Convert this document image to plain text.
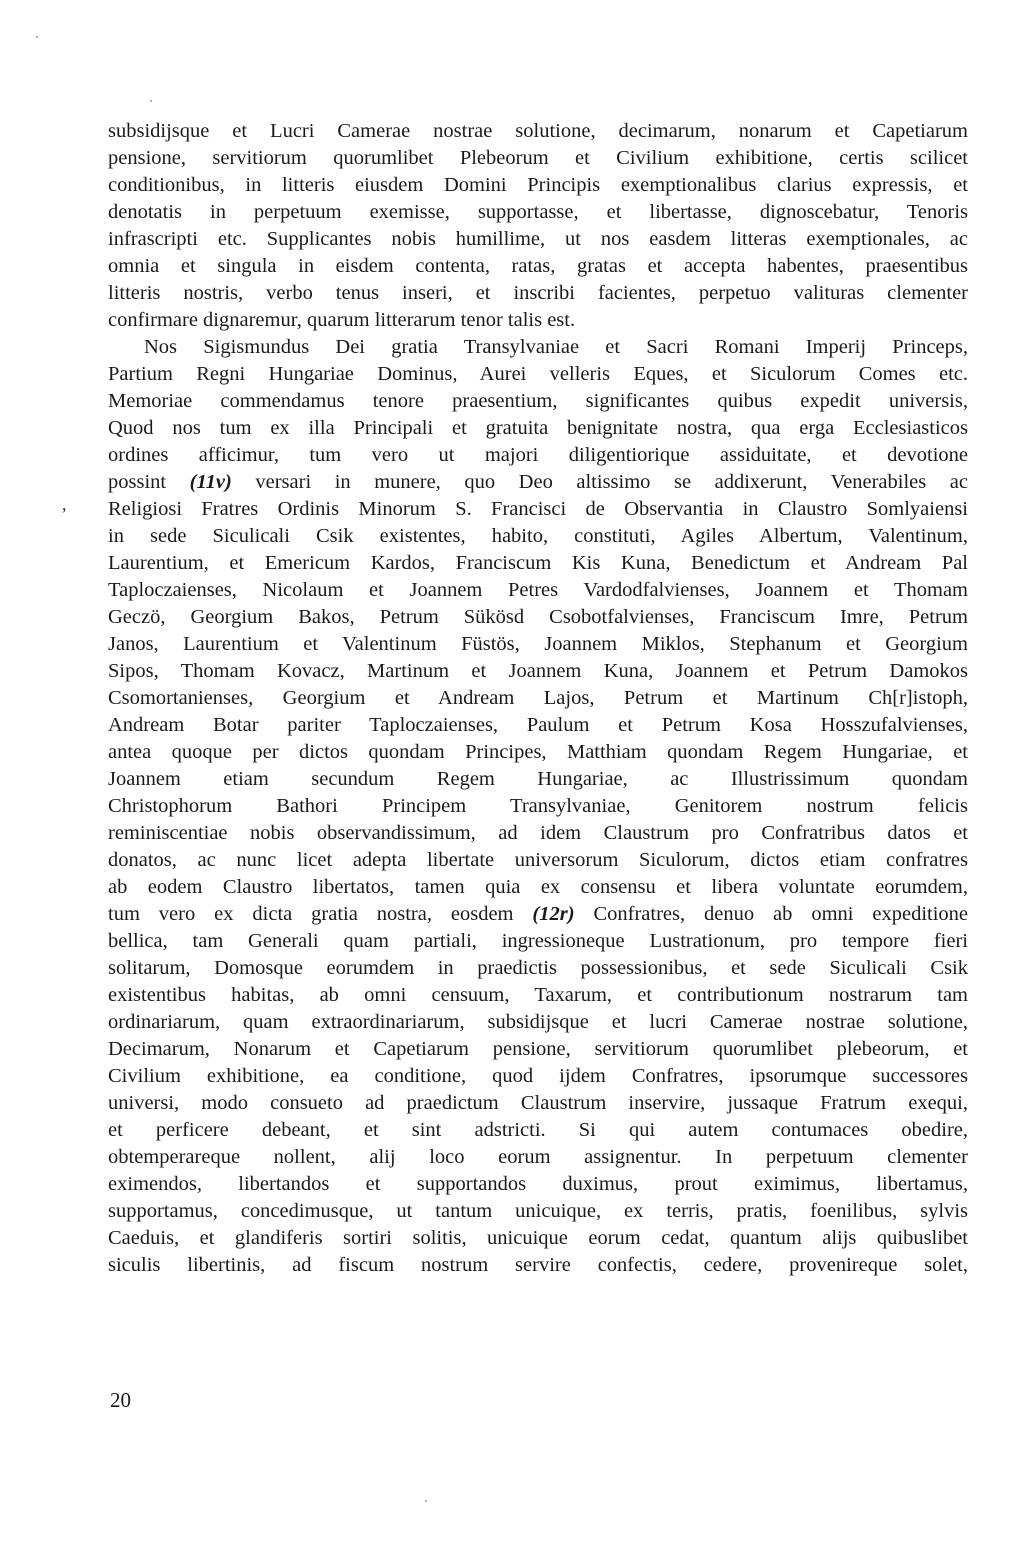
subsidijsque et Lucri Camerae nostrae solutione, decimarum, nonarum et Capetiarum
pensione, servitiorum quorumlibet Plebeorum et Civilium exhibitione, certis scilicet
conditionibus, in litteris eiusdem Domini Principis exemptionalibus clarius expressis, et
denotatis in perpetuum exemisse, supportasse, et libertasse, dignoscebatur, Tenoris
infrascripti etc. Supplicantes nobis humillime, ut nos easdem litteras exemptionales, ac
omnia et singula in eisdem contenta, ratas, gratas et accepta habentes, praesentibus
litteris nostris, verbo tenus inseri, et inscribi facientes, perpetuo valituras clementer
confirmare dignaremur, quarum litterarum tenor talis est.

Nos Sigismundus Dei gratia Transylvaniae et Sacri Romani Imperij Princeps,
Partium Regni Hungariae Dominus, Aurei velleris Eques, et Siculorum Comes etc.
Memoriae commendamus tenore praesentium, significantes quibus expedit universis,
Quod nos tum ex illa Principali et gratuita benignitate nostra, qua erga Ecclesiasticos
ordines afficimur, tum vero ut majori diligentiorique assiduitate, et devotione
possint (11v) versari in munere, quo Deo altissimo se addixerunt, Venerabiles ac
Religiosi Fratres Ordinis Minorum S. Francisci de Observantia in Claustro Somlyaiensi
in sede Siculicali Csik existentes, habito, constituti, Agiles Albertum, Valentinum,
Laurentium, et Emericum Kardos, Franciscum Kis Kuna, Benedictum et Andream Pal
Taploczaienses, Nicolaum et Joannem Petres Vardodfalvienses, Joannem et Thomam
Geczö, Georgium Bakos, Petrum Sükösd Csobotfalvienses, Franciscum Imre, Petrum
Janos, Laurentium et Valentinum Füstös, Joannem Miklos, Stephanum et Georgium
Sipos, Thomam Kovacz, Martinum et Joannem Kuna, Joannem et Petrum Damokos
Csomortanienses, Georgium et Andream Lajos, Petrum et Martinum Ch[r]istoph,
Andream Botar pariter Taploczaienses, Paulum et Petrum Kosa Hosszufalvienses,
antea quoque per dictos quondam Principes, Matthiam quondam Regem Hungariae, et
Joannem etiam secundum Regem Hungariae, ac Illustrissimum quondam
Christophorum Bathori Principem Transylvaniae, Genitorem nostrum felicis
reminiscentiae nobis observandissimum, ad idem Claustrum pro Confratribus datos et
donatos, ac nunc licet adepta libertate universorum Siculorum, dictos etiam confratres
ab eodem Claustro libertatos, tamen quia ex consensu et libera voluntate eorumdem,
tum vero ex dicta gratia nostra, eosdem (12r) Confratres, denuo ab omni expeditione
bellica, tam Generali quam partiali, ingressioneque Lustrationum, pro tempore fieri
solitarum, Domosque eorumdem in praedictis possessionibus, et sede Siculicali Csik
existentibus habitas, ab omni censuum, Taxarum, et contributionum nostrarum tam
ordinariarum, quam extraordinariarum, subsidijsque et lucri Camerae nostrae solutione,
Decimarum, Nonarum et Capetiarum pensione, servitiorum quorumlibet plebeorum, et
Civilium exhibitione, ea conditione, quod ijdem Confratres, ipsorumque successores
universi, modo consueto ad praedictum Claustrum inservire, jussaque Fratrum exequi,
et perficere debeant, et sint adstricti. Si qui autem contumaces obedire,
obtemperareque nollent, alij loco eorum assignentur. In perpetuum clementer
eximendos, libertandos et supportandos duximus, prout eximimus, libertamus,
supportamus, concedimusque, ut tantum unicuique, ex terris, pratis, foenilibus, sylvis
Caeduis, et glandiferis sortiri solitis, unicuique eorum cedat, quantum alijs quibuslibet
siculis libertinis, ad fiscum nostrum servire confectis, cedere, provenireque solet,

,
20
